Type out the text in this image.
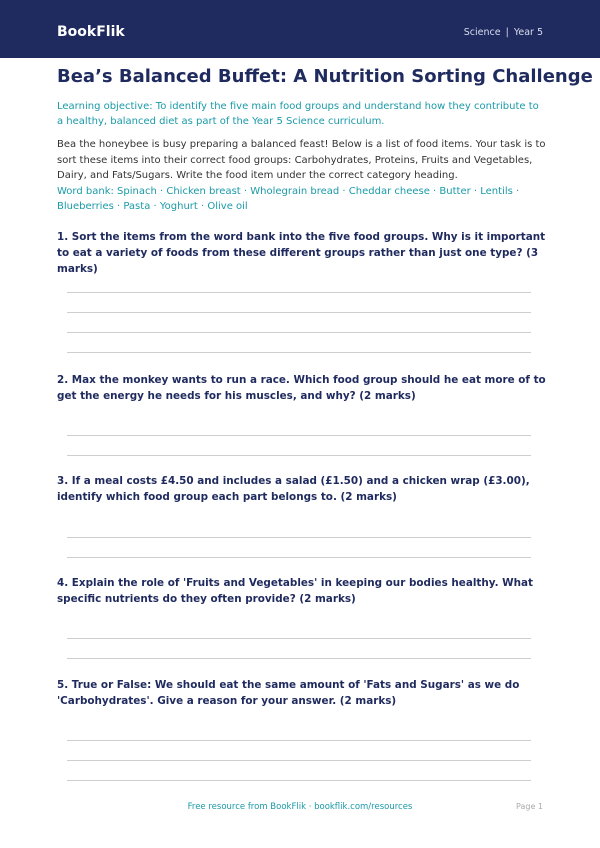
BookFlik	Science | Year 5
Bea’s Balanced Buffet: A Nutrition Sorting Challenge
Learning objective: To identify the five main food groups and understand how they contribute to a healthy, balanced diet as part of the Year 5 Science curriculum.
Bea the honeybee is busy preparing a balanced feast! Below is a list of food items. Your task is to sort these items into their correct food groups: Carbohydrates, Proteins, Fruits and Vegetables, Dairy, and Fats/Sugars. Write the food item under the correct category heading.
Word bank: Spinach · Chicken breast · Wholegrain bread · Cheddar cheese · Butter · Lentils · Blueberries · Pasta · Yoghurt · Olive oil
1. Sort the items from the word bank into the five food groups. Why is it important to eat a variety of foods from these different groups rather than just one type? (3 marks)
2. Max the monkey wants to run a race. Which food group should he eat more of to get the energy he needs for his muscles, and why? (2 marks)
3. If a meal costs £4.50 and includes a salad (£1.50) and a chicken wrap (£3.00), identify which food group each part belongs to. (2 marks)
4. Explain the role of 'Fruits and Vegetables' in keeping our bodies healthy. What specific nutrients do they often provide? (2 marks)
5. True or False: We should eat the same amount of 'Fats and Sugars' as we do 'Carbohydrates'. Give a reason for your answer. (2 marks)
Free resource from BookFlik · bookflik.com/resources	Page 1
